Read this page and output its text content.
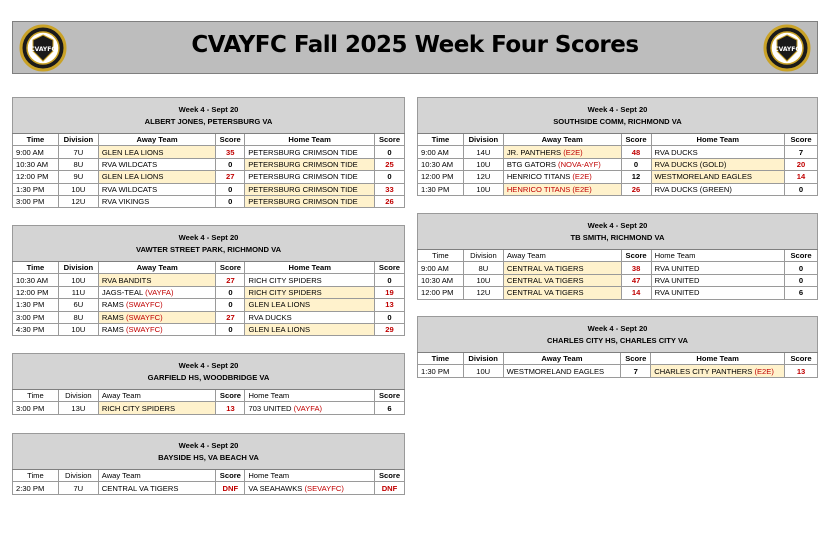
CVAYFC	CVAYFC Fall 2025 Week Four Scores	CVAYFC
Week 4 - Sept 20
ALBERT JONES, PETERSBURG VA					

Time	Division	Away Team	Score	Home Team	Score
9:00 AM	7U	GLEN LEA LIONS	35	PETERSBURG CRIMSON TIDE	0
10:30 AM	8U	RVA WILDCATS	0	PETERSBURG CRIMSON TIDE	25
12:00 PM	9U	GLEN LEA LIONS	27	PETERSBURG CRIMSON TIDE	0
1:30 PM	10U	RVA WILDCATS	0	PETERSBURG CRIMSON TIDE	33
3:00 PM	12U	RVA VIKINGS	0	PETERSBURG CRIMSON TIDE	26
Week 4 - Sept 20
VAWTER STREET PARK, RICHMOND VA					

Time	Division	Away Team	Score	Home Team	Score
10:30 AM	10U	RVA BANDITS	27	RICH CITY SPIDERS	0
12:00 PM	11U	JAGS-TEAL (VAYFA)	0	RICH CITY SPIDERS	19
1:30 PM	6U	RAMS (SWAYFC)	0	GLEN LEA LIONS	13
3:00 PM	8U	RAMS (SWAYFC)	27	RVA DUCKS	0
4:30 PM	10U	RAMS (SWAYFC)	0	GLEN LEA LIONS	29
Week 4 - Sept 20
GARFIELD HS, WOODBRIDGE VA					

Time	Division	Away Team	Score	Home Team	Score
3:00 PM	13U	RICH CITY SPIDERS	13	703 UNITED (VAYFA)	6
Week 4 - Sept 20
BAYSIDE HS, VA BEACH VA					

Time	Division	Away Team	Score	Home Team	Score
2:30 PM	7U	CENTRAL VA TIGERS	DNF	VA SEAHAWKS (SEVAYFC)	DNF
Week 4 - Sept 20
SOUTHSIDE COMM, RICHMOND VA					

Time	Division	Away Team	Score	Home Team	Score
9:00 AM	14U	JR. PANTHERS (E2E)	48	RVA DUCKS	7
10:30 AM	10U	BTG GATORS (NOVA-AYF)	0	RVA DUCKS (GOLD)	20
12:00 PM	12U	HENRICO TITANS (E2E)	12	WESTMORELAND EAGLES	14
1:30 PM	10U	HENRICO TITANS (E2E)	26	RVA DUCKS (GREEN)	0
Week 4 - Sept 20
TB SMITH, RICHMOND VA					

Time	Division	Away Team	Score	Home Team	Score
9:00 AM	8U	CENTRAL VA TIGERS	38	RVA UNITED	0
10:30 AM	10U	CENTRAL VA TIGERS	47	RVA UNITED	0
12:00 PM	12U	CENTRAL VA TIGERS	14	RVA UNITED	6
Week 4 - Sept 20
CHARLES CITY HS, CHARLES CITY VA					

Time	Division	Away Team	Score	Home Team	Score
1:30 PM	10U	WESTMORELAND EAGLES	7	CHARLES CITY PANTHERS (E2E)	13
